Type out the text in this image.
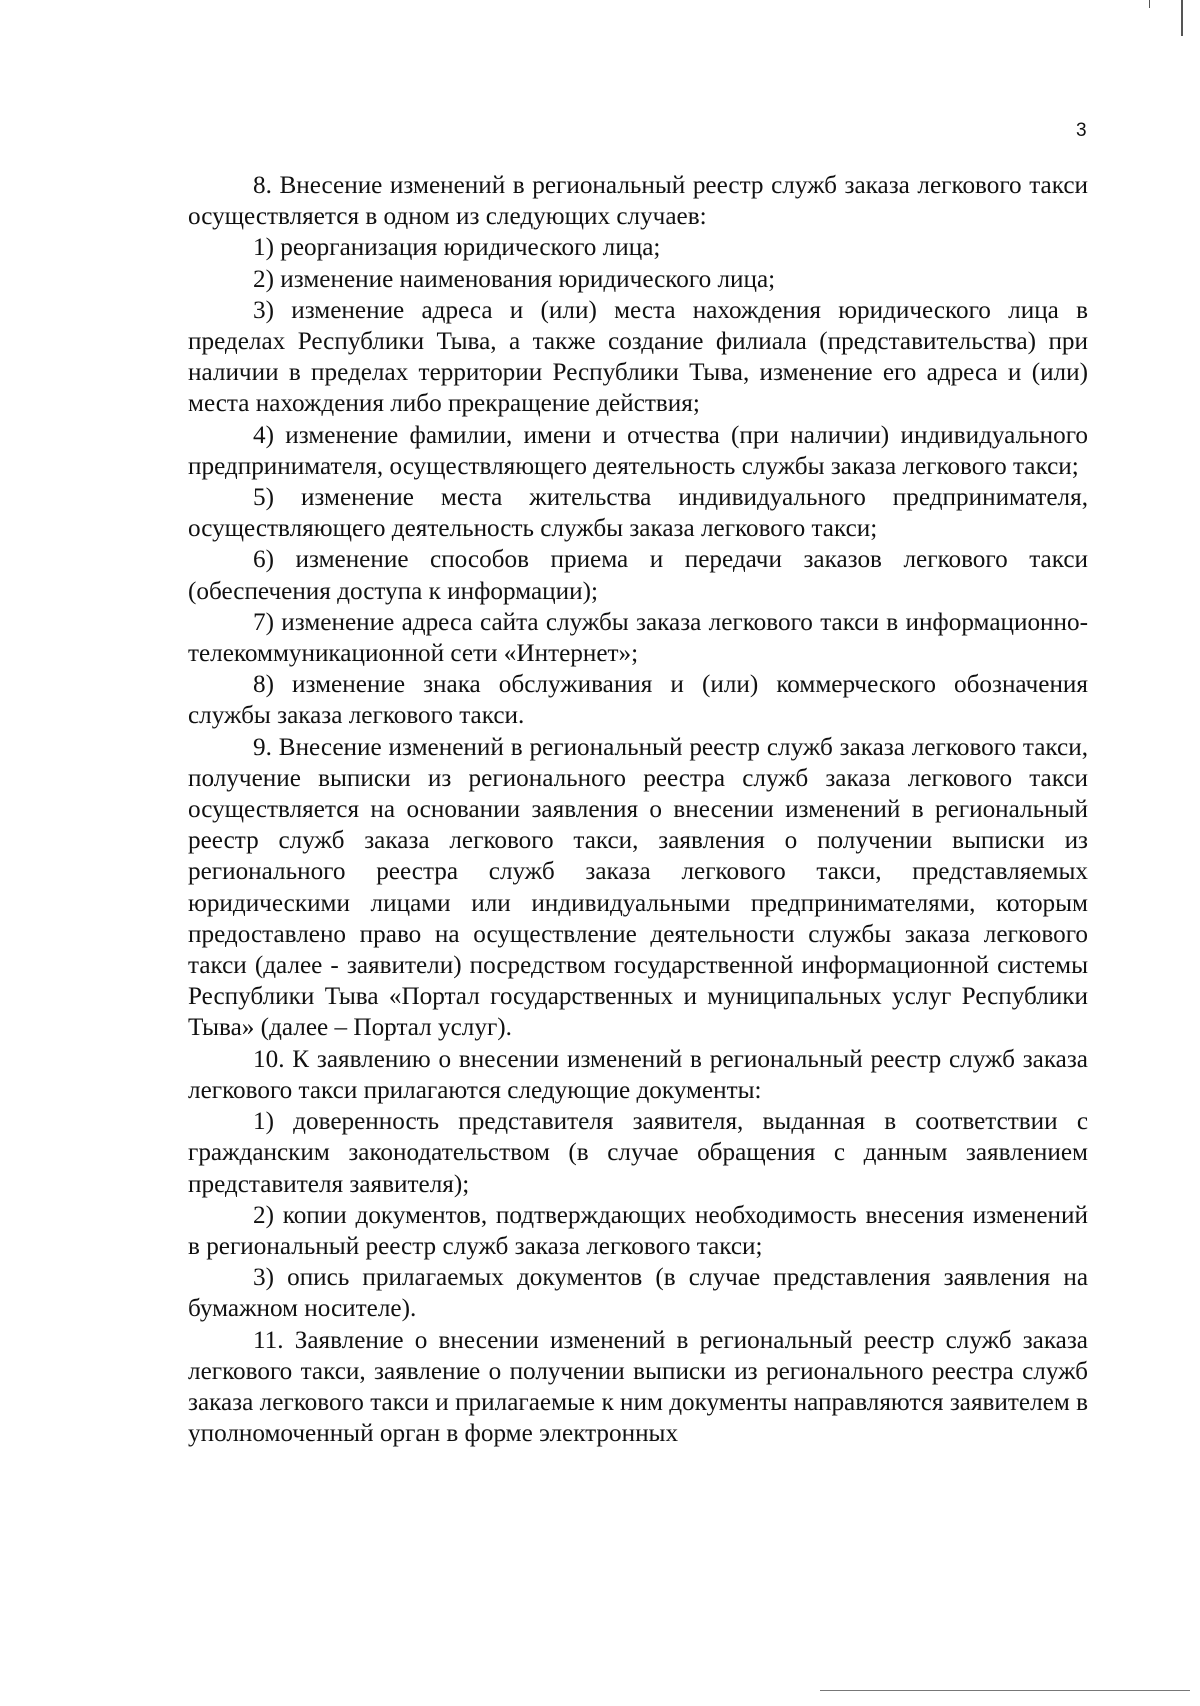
3

8. Внесение изменений в региональный реестр служб заказа легкового такси осуществляется в одном из следующих случаев:

1) реорганизация юридического лица;

2) изменение наименования юридического лица;

3) изменение адреса и (или) места нахождения юридического лица в пределах Республики Тыва, а также создание филиала (представительства) при наличии в пределах территории Республики Тыва, изменение его адреса и (или) места нахождения либо прекращение действия;

4) изменение фамилии, имени и отчества (при наличии) индивидуального предпринимателя, осуществляющего деятельность службы заказа легкового такси;

5) изменение места жительства индивидуального предпринимателя, осуществляющего деятельность службы заказа легкового такси;

6) изменение способов приема и передачи заказов легкового такси (обеспечения доступа к информации);

7) изменение адреса сайта службы заказа легкового такси в информационно-телекоммуникационной сети «Интернет»;

8) изменение знака обслуживания и (или) коммерческого обозначения службы заказа легкового такси.

9. Внесение изменений в региональный реестр служб заказа легкового такси, получение выписки из регионального реестра служб заказа легкового такси осуществляется на основании заявления о внесении изменений в региональный реестр служб заказа легкового такси, заявления о получении выписки из регионального реестра служб заказа легкового такси, представляемых юридическими лицами или индивидуальными предпринимателями, которым предоставлено право на осуществление деятельности службы заказа легкового такси (далее - заявители) посредством государственной информационной системы Республики Тыва «Портал государственных и муниципальных услуг Республики Тыва» (далее – Портал услуг).

10. К заявлению о внесении изменений в региональный реестр служб заказа легкового такси прилагаются следующие документы:

1) доверенность представителя заявителя, выданная в соответствии с гражданским законодательством (в случае обращения с данным заявлением представителя заявителя);

2) копии документов, подтверждающих необходимость внесения изменений в региональный реестр служб заказа легкового такси;

3) опись прилагаемых документов (в случае представления заявления на бумажном носителе).

11. Заявление о внесении изменений в региональный реестр служб заказа легкового такси, заявление о получении выписки из регионального реестра служб заказа легкового такси и прилагаемые к ним документы направляются заявителем в уполномоченный орган в форме электронных
